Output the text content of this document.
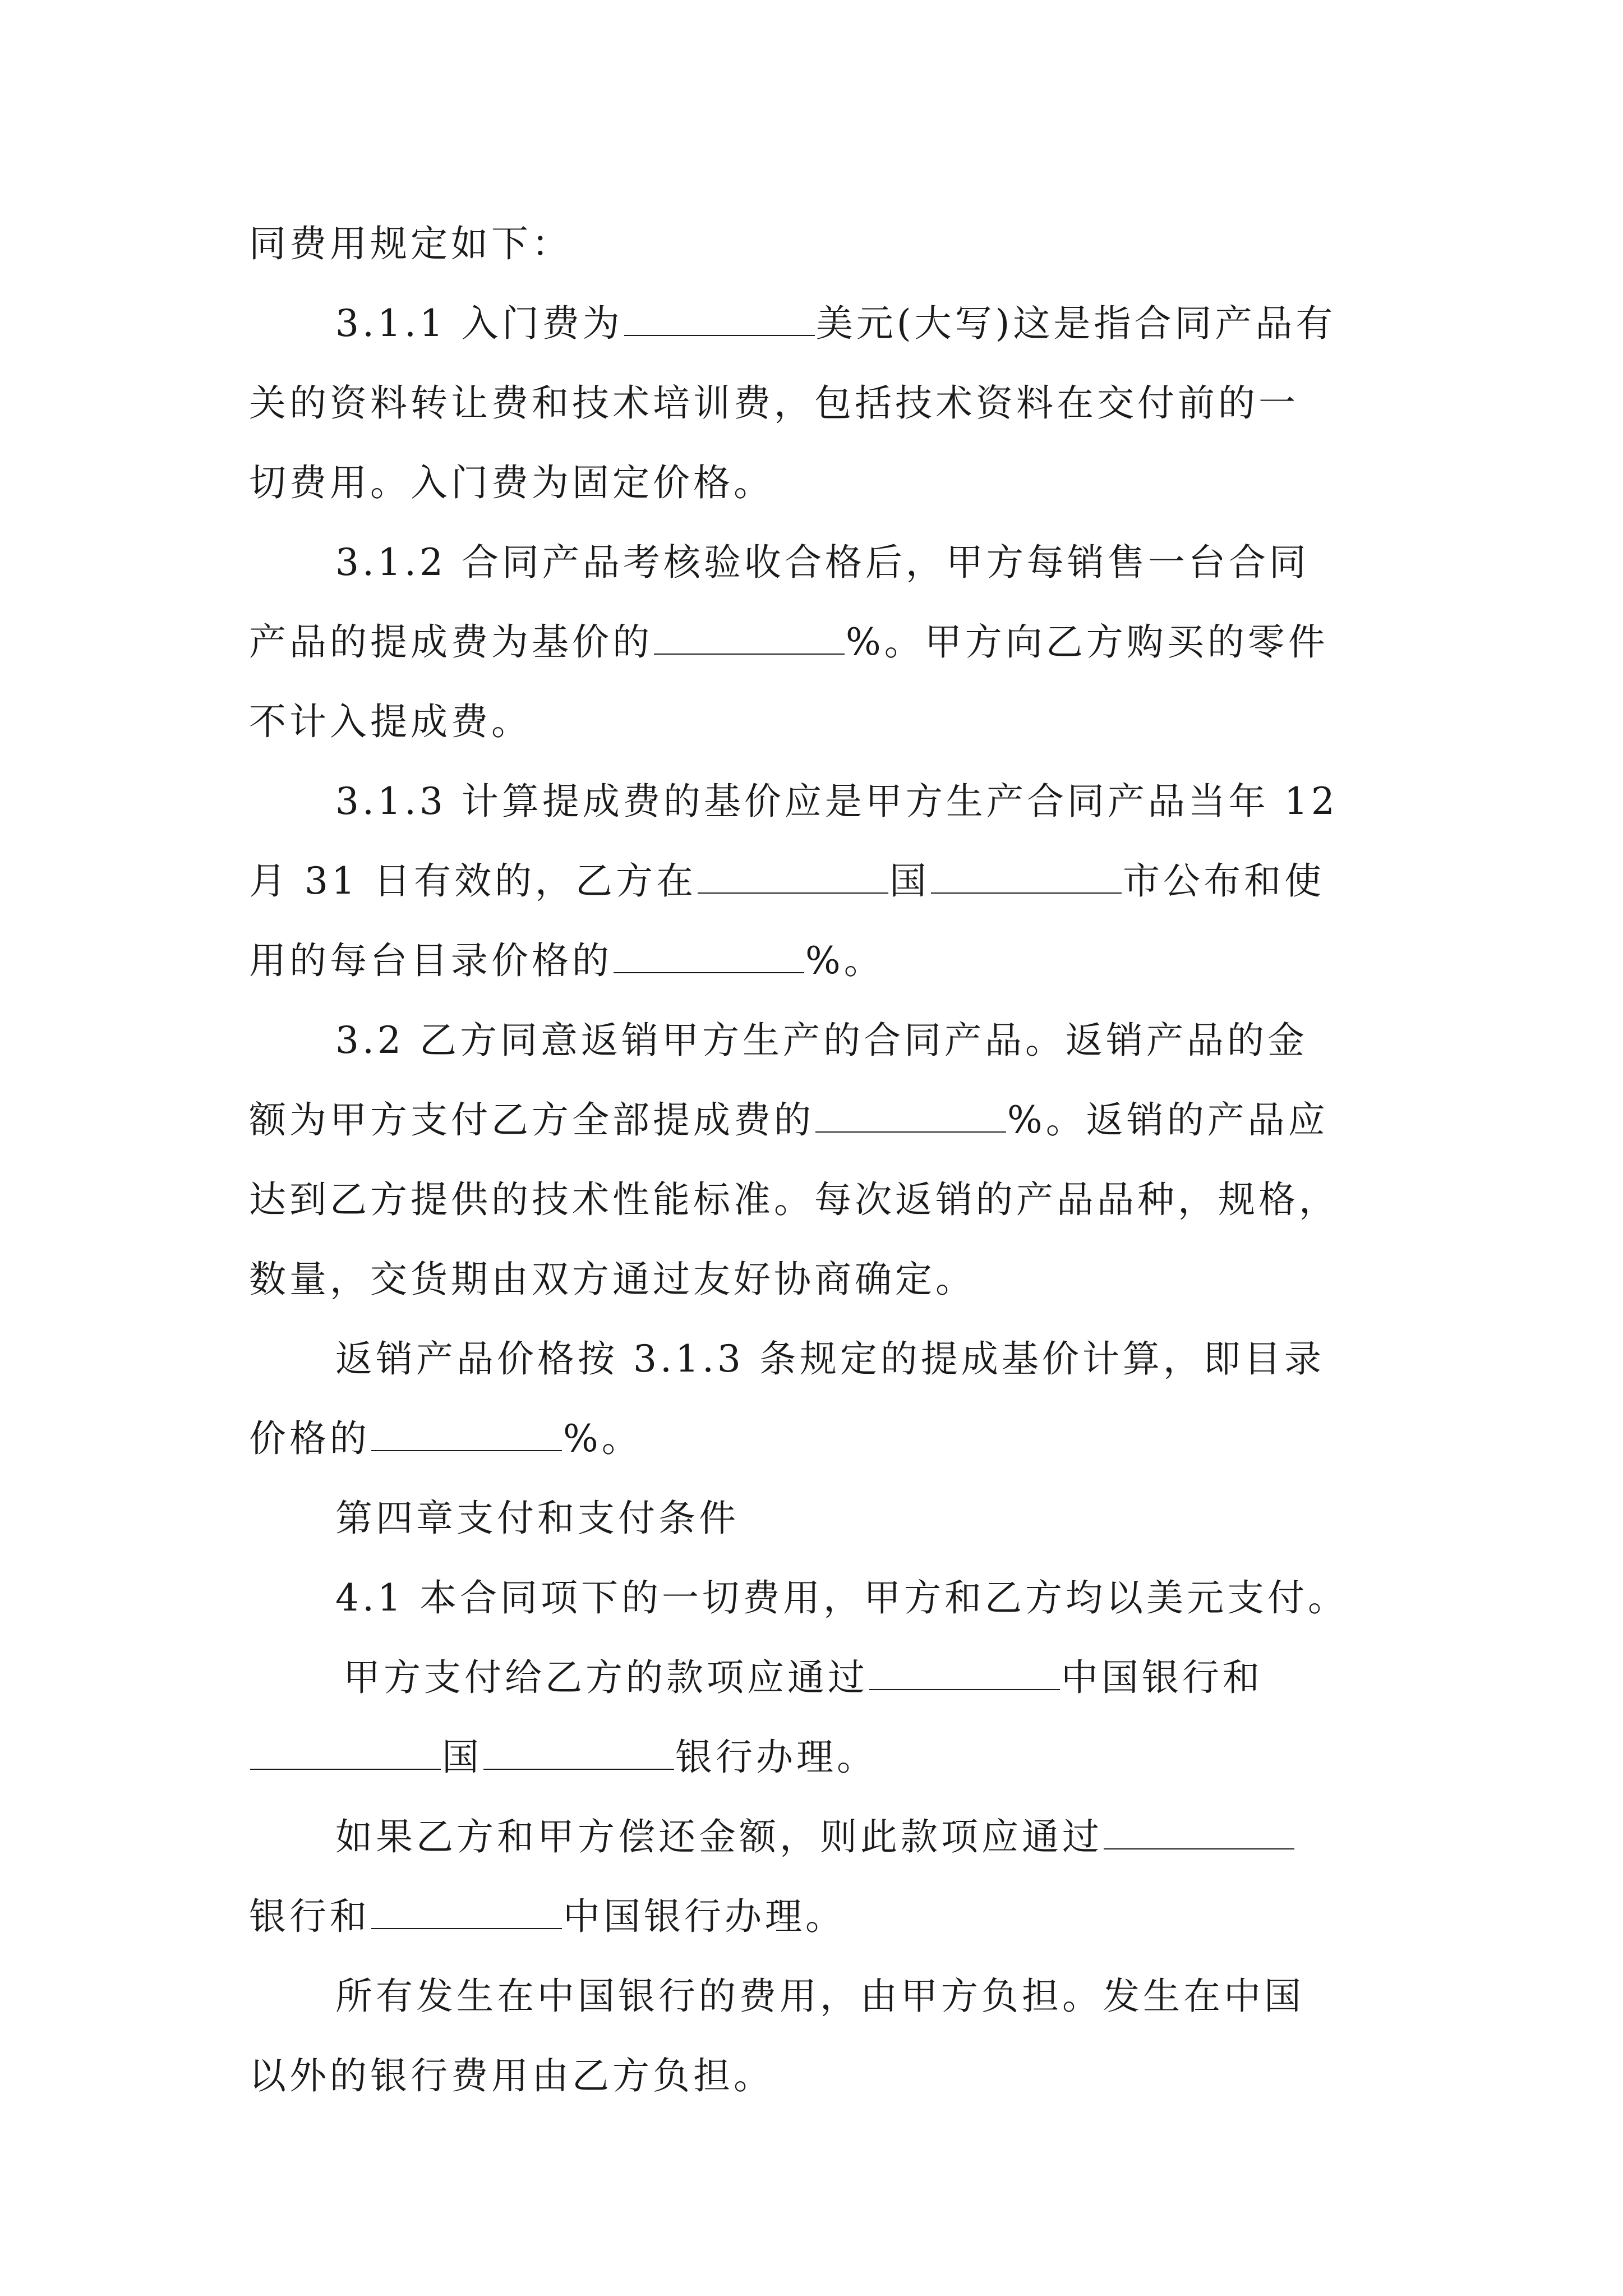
同费用规定如下：
3.1.1 入门费为	美元(大写)这是指合同产品有
关的资料转让费和技术培训费，包括技术资料在交付前的一
切费用。入门费为固定价格。
3.1.2 合同产品考核验收合格后，甲方每销售一台合同
产品的提成费为基价的	%。甲方向乙方购买的零件
不计入提成费。
3.1.3 计算提成费的基价应是甲方生产合同产品当年 12
月 31 日有效的，乙方在	国	市公布和使
用的每台目录价格的	%。
3.2 乙方同意返销甲方生产的合同产品。返销产品的金
额为甲方支付乙方全部提成费的	%。返销的产品应
达到乙方提供的技术性能标准。每次返销的产品品种，规格，
数量，交货期由双方通过友好协商确定。
返销产品价格按 3.1.3 条规定的提成基价计算，即目录
价格的	%。
第四章支付和支付条件
4.1 本合同项下的一切费用，甲方和乙方均以美元支付。
甲方支付给乙方的款项应通过	中国银行和
国	银行办理。
如果乙方和甲方偿还金额，则此款项应通过
银行和	中国银行办理。
所有发生在中国银行的费用，由甲方负担。发生在中国
以外的银行费用由乙方负担。
